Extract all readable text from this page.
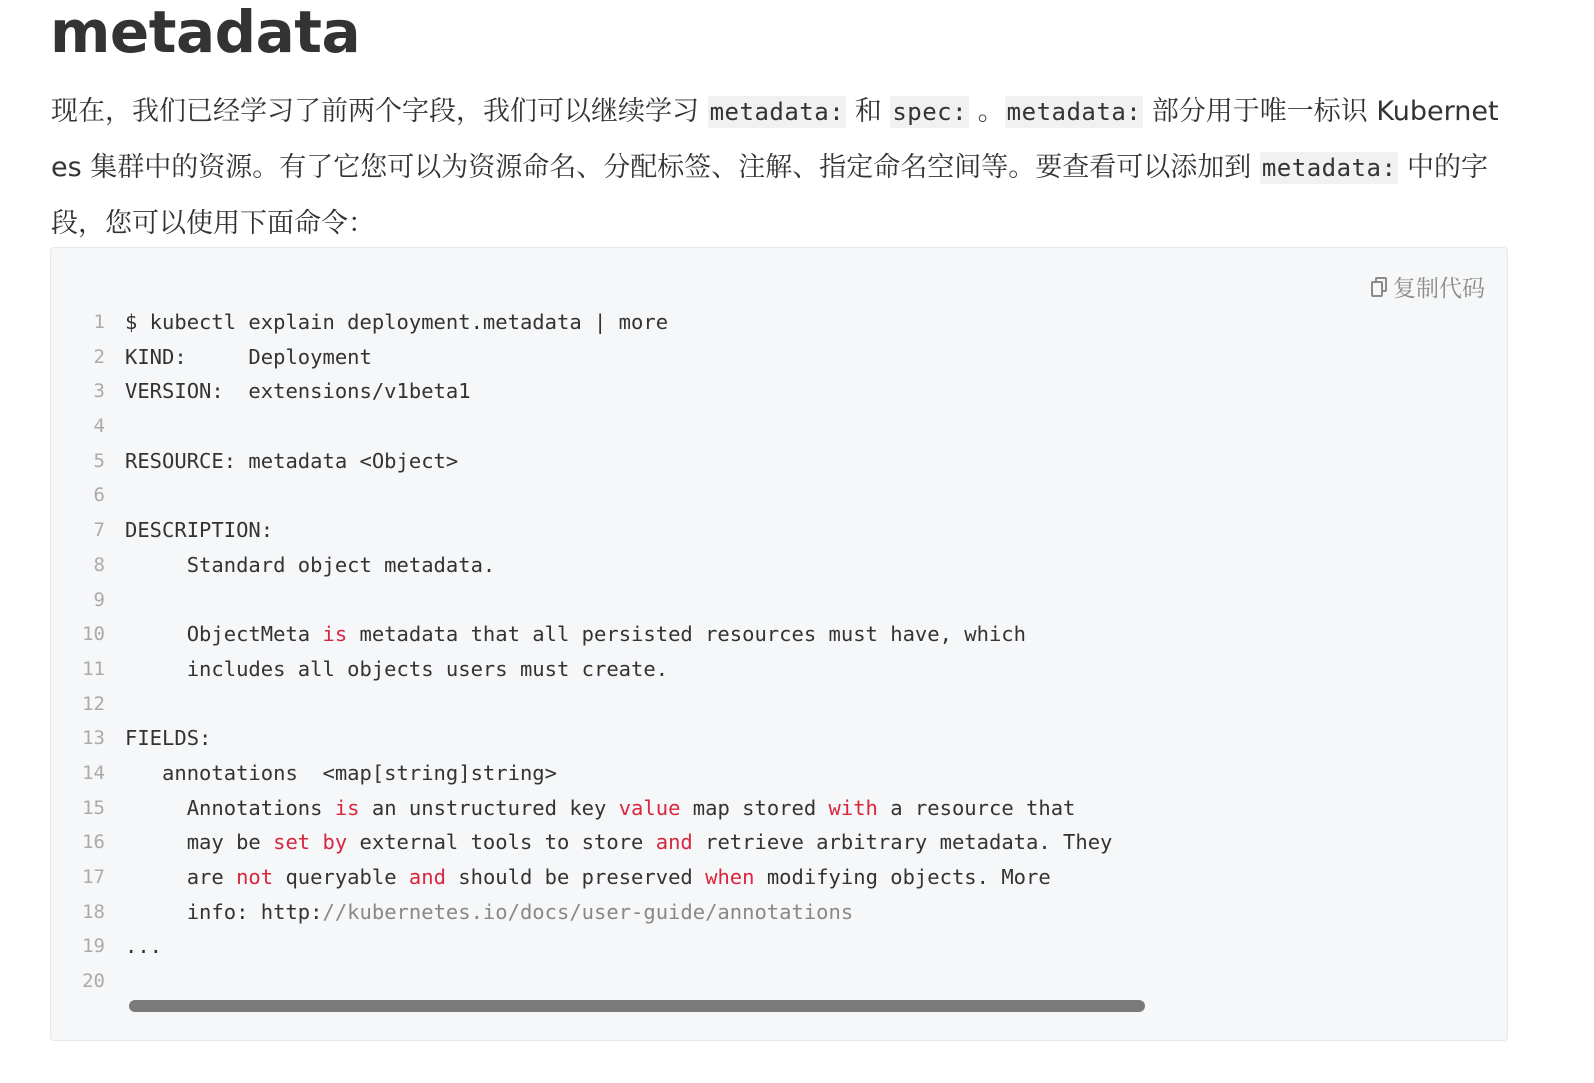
metadata

现在，我们已经学习了前两个字段，我们可以继续学习 metadata: 和 spec: 。metadata: 部分用于唯一标识 Kubernetes 集群中的资源。有了它您可以为资源命名、分配标签、注解、指定命名空间等。要查看可以添加到 metadata: 中的字段，您可以使用下面命令：

复制代码
1 $ kubectl explain deployment.metadata | more
2 KIND:     Deployment
3 VERSION:  extensions/v1beta1
4
5 RESOURCE: metadata <Object>
6
7 DESCRIPTION:
8 Standard object metadata.
9
10 ObjectMeta is metadata that all persisted resources must have, which
11 includes all objects users must create.
12
13 FIELDS:
14 annotations  <map[string]string>
15 Annotations is an unstructured key value map stored with a resource that
16 may be set by external tools to store and retrieve arbitrary metadata. They
17 are not queryable and should be preserved when modifying objects. More
18 info: http://kubernetes.io/docs/user-guide/annotations
19 ...
20
